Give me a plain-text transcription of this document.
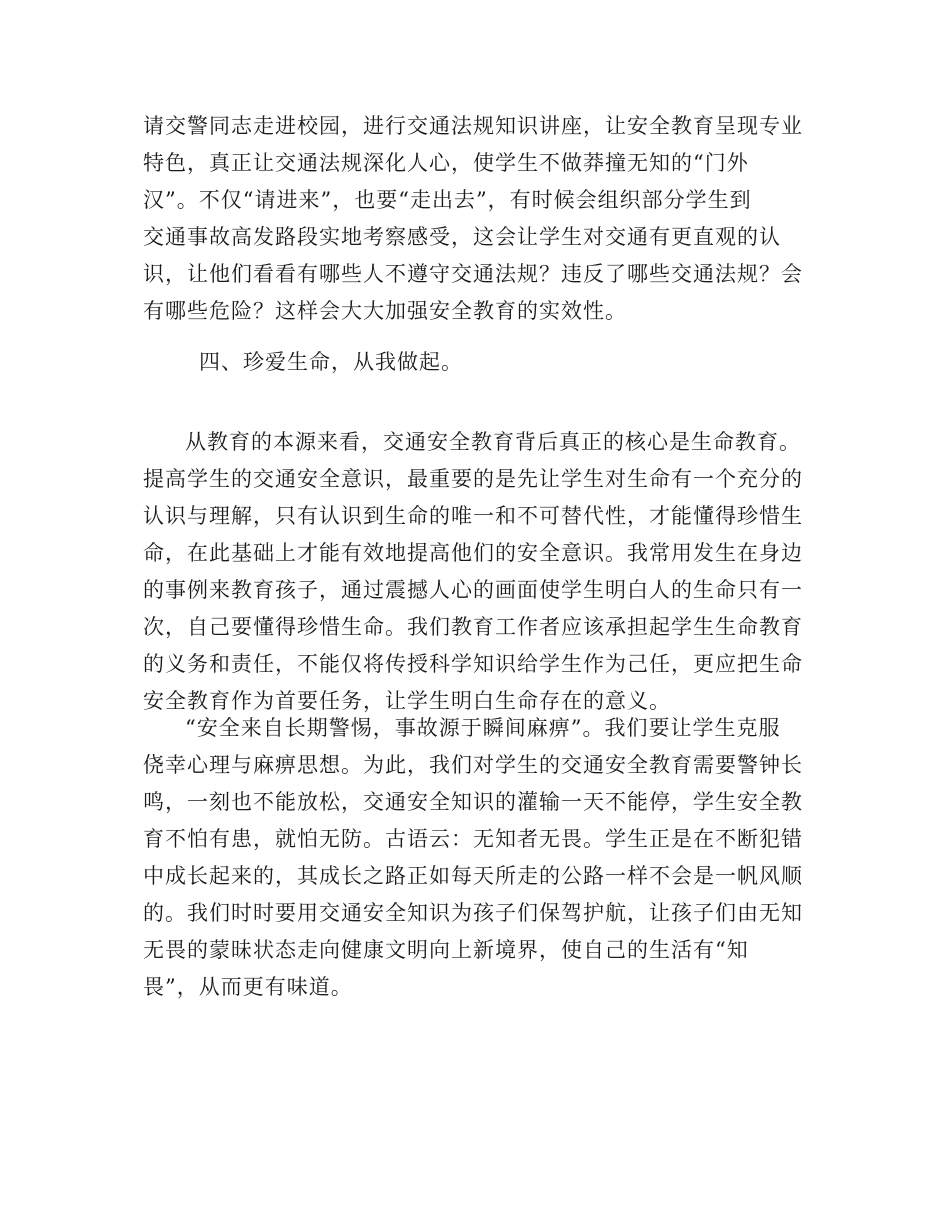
请交警同志走进校园，进行交通法规知识讲座，让安全教育呈现专业
特色，真正让交通法规深化人心，使学生不做莽撞无知的“门外
汉”。不仅“请进来”，也要“走出去”，有时候会组织部分学生到
交通事故高发路段实地考察感受，这会让学生对交通有更直观的认
识，让他们看看有哪些人不遵守交通法规？违反了哪些交通法规？会
有哪些危险？这样会大大加强安全教育的实效性。
四、珍爱生命，从我做起。
从教育的本源来看，交通安全教育背后真正的核心是生命教育。
提高学生的交通安全意识，最重要的是先让学生对生命有一个充分的
认识与理解，只有认识到生命的唯一和不可替代性，才能懂得珍惜生
命，在此基础上才能有效地提高他们的安全意识。我常用发生在身边
的事例来教育孩子，通过震撼人心的画面使学生明白人的生命只有一
次，自己要懂得珍惜生命。我们教育工作者应该承担起学生生命教育
的义务和责任，不能仅将传授科学知识给学生作为己任，更应把生命
安全教育作为首要任务，让学生明白生命存在的意义。
“安全来自长期警惕，事故源于瞬间麻痹”。我们要让学生克服
侥幸心理与麻痹思想。为此，我们对学生的交通安全教育需要警钟长
鸣，一刻也不能放松，交通安全知识的灌输一天不能停，学生安全教
育不怕有患，就怕无防。古语云：无知者无畏。学生正是在不断犯错
中成长起来的，其成长之路正如每天所走的公路一样不会是一帆风顺
的。我们时时要用交通安全知识为孩子们保驾护航，让孩子们由无知
无畏的蒙昧状态走向健康文明向上新境界，使自己的生活有“知
畏”，从而更有味道。
